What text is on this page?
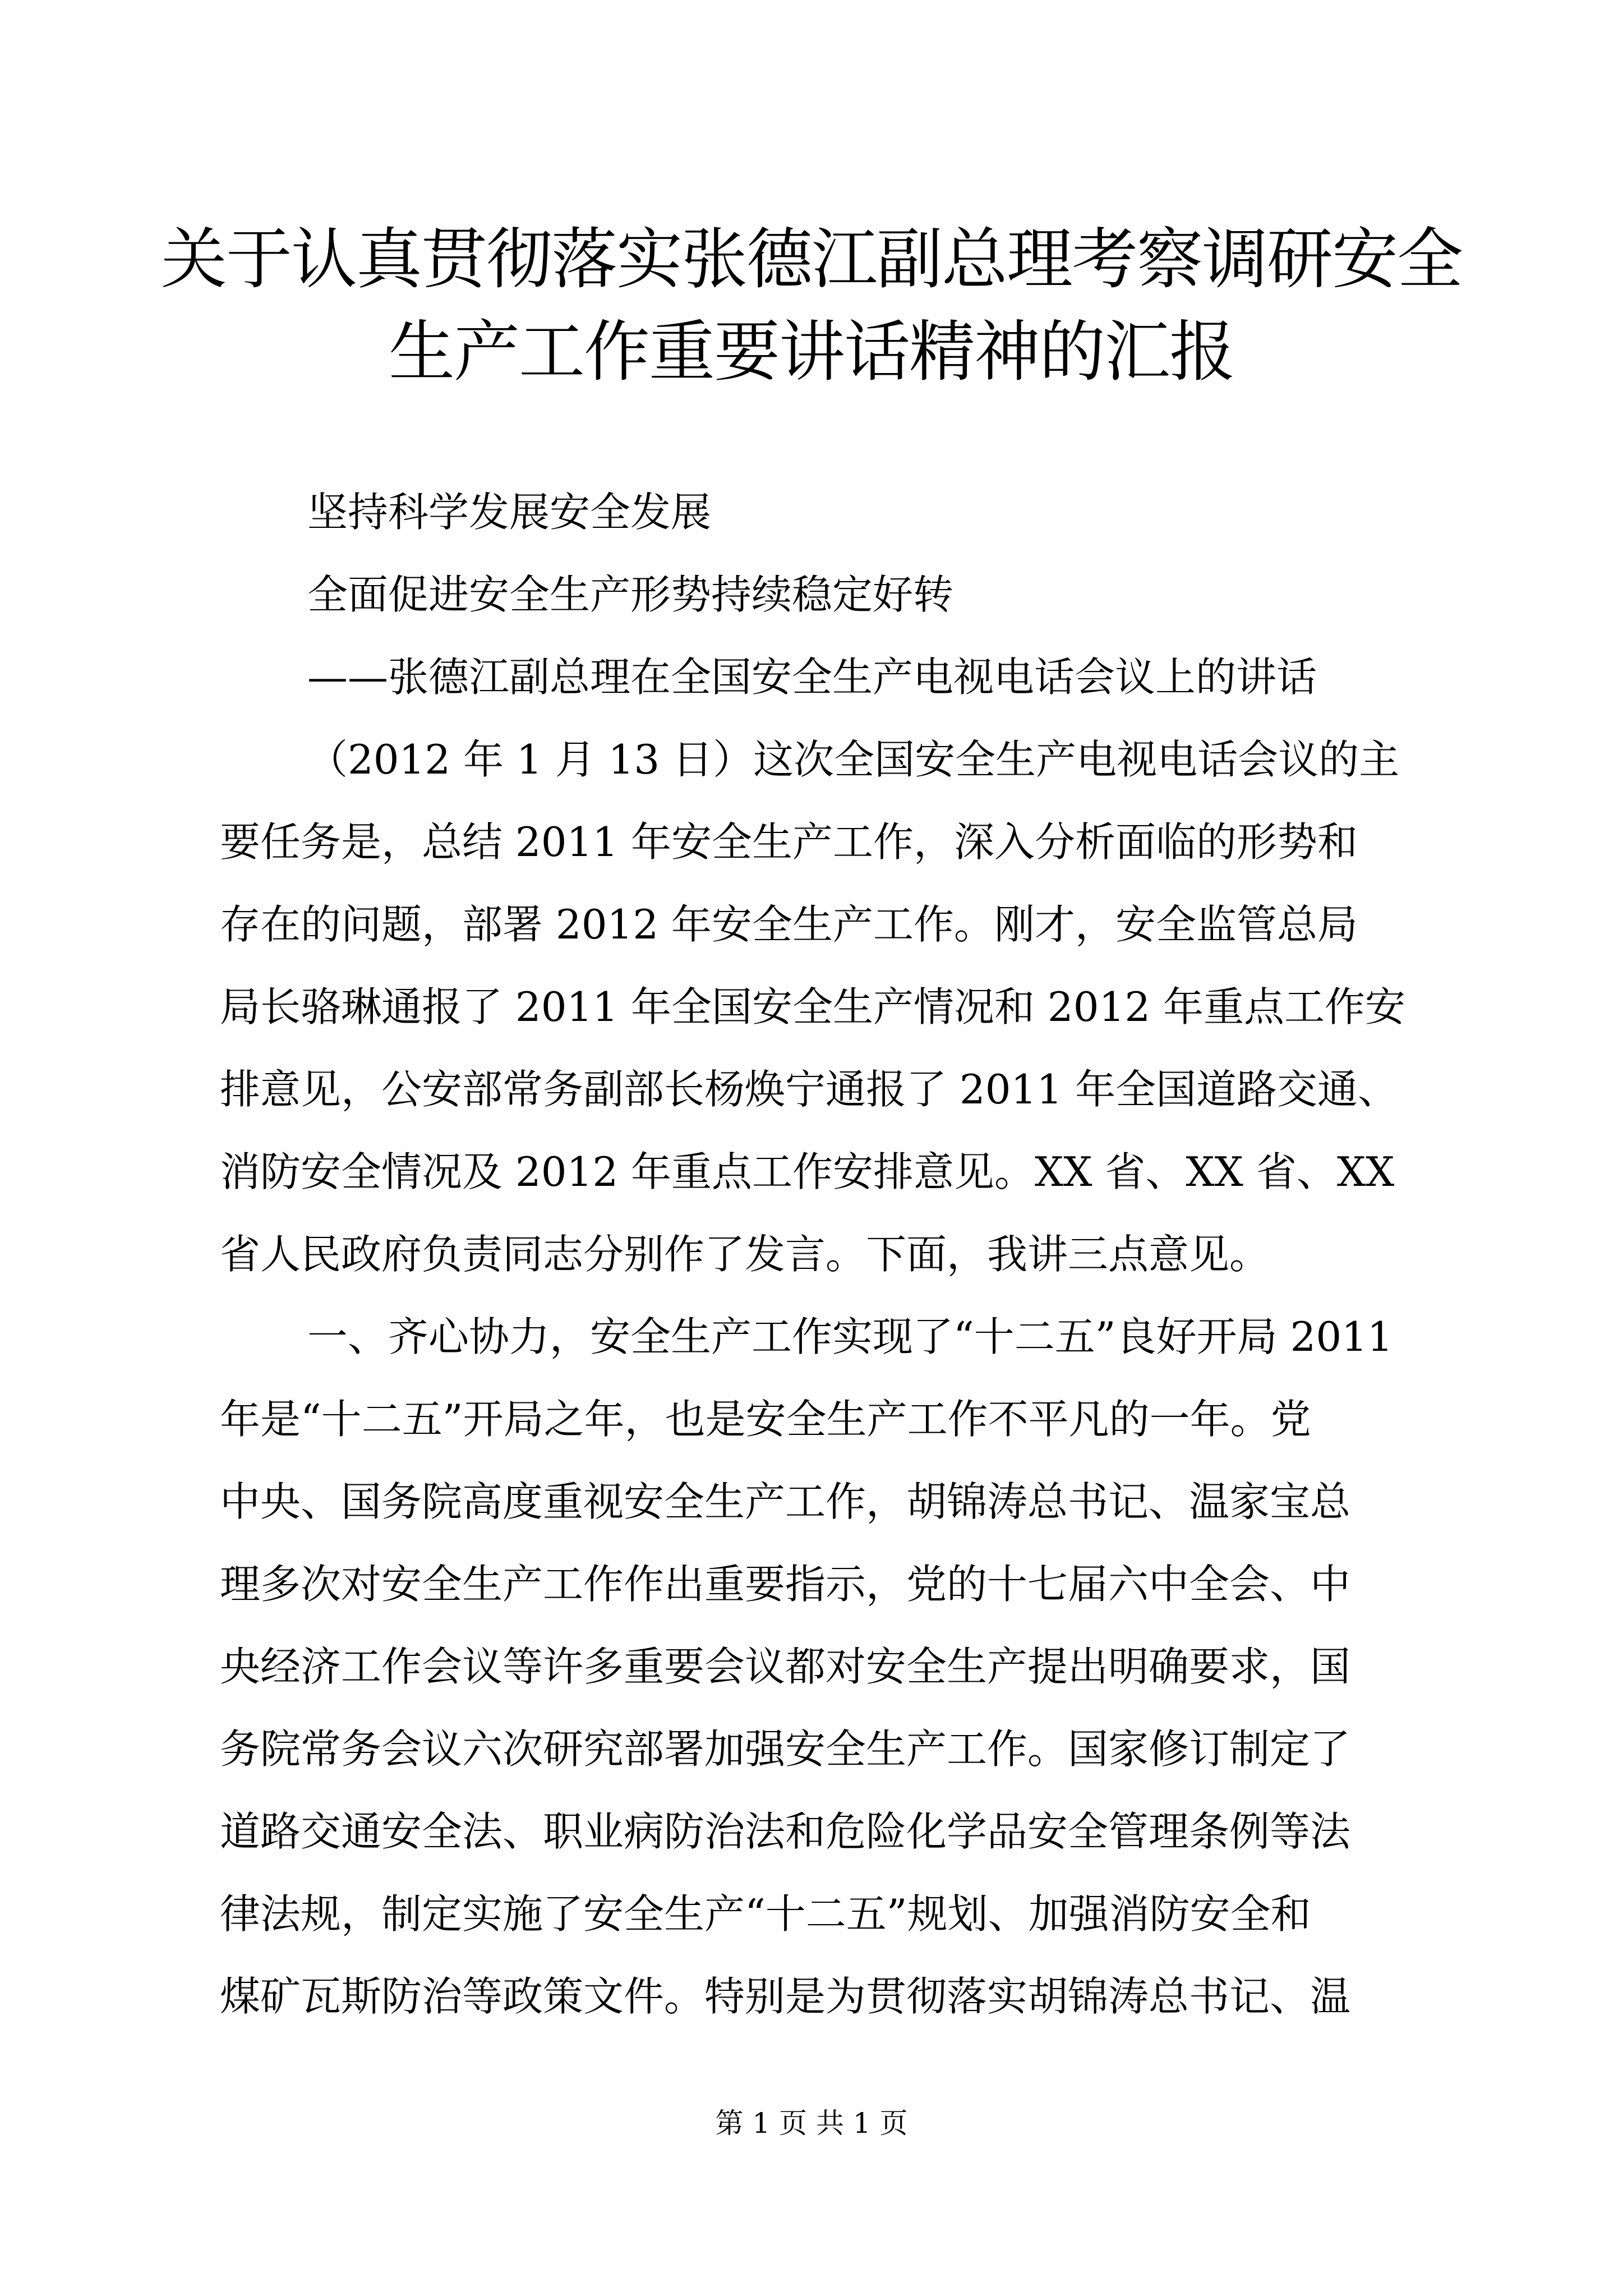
关于认真贯彻落实张德江副总理考察调研安全
生产工作重要讲话精神的汇报
坚持科学发展安全发展
全面促进安全生产形势持续稳定好转
——张德江副总理在全国安全生产电视电话会议上的讲话
（2012 年 1 月 13 日）这次全国安全生产电视电话会议的主
要任务是，总结 2011 年安全生产工作，深入分析面临的形势和
存在的问题，部署 2012 年安全生产工作。刚才，安全监管总局
局长骆琳通报了 2011 年全国安全生产情况和 2012 年重点工作安
排意见，公安部常务副部长杨焕宁通报了 2011 年全国道路交通、
消防安全情况及 2012 年重点工作安排意见。XX 省、XX 省、XX
省人民政府负责同志分别作了发言。下面，我讲三点意见。
一、齐心协力，安全生产工作实现了“十二五”良好开局 2011
年是“十二五”开局之年，也是安全生产工作不平凡的一年。党
中央、国务院高度重视安全生产工作，胡锦涛总书记、温家宝总
理多次对安全生产工作作出重要指示，党的十七届六中全会、中
央经济工作会议等许多重要会议都对安全生产提出明确要求，国
务院常务会议六次研究部署加强安全生产工作。国家修订制定了
道路交通安全法、职业病防治法和危险化学品安全管理条例等法
律法规，制定实施了安全生产“十二五”规划、加强消防安全和
煤矿瓦斯防治等政策文件。特别是为贯彻落实胡锦涛总书记、温
第 1 页 共 1 页
